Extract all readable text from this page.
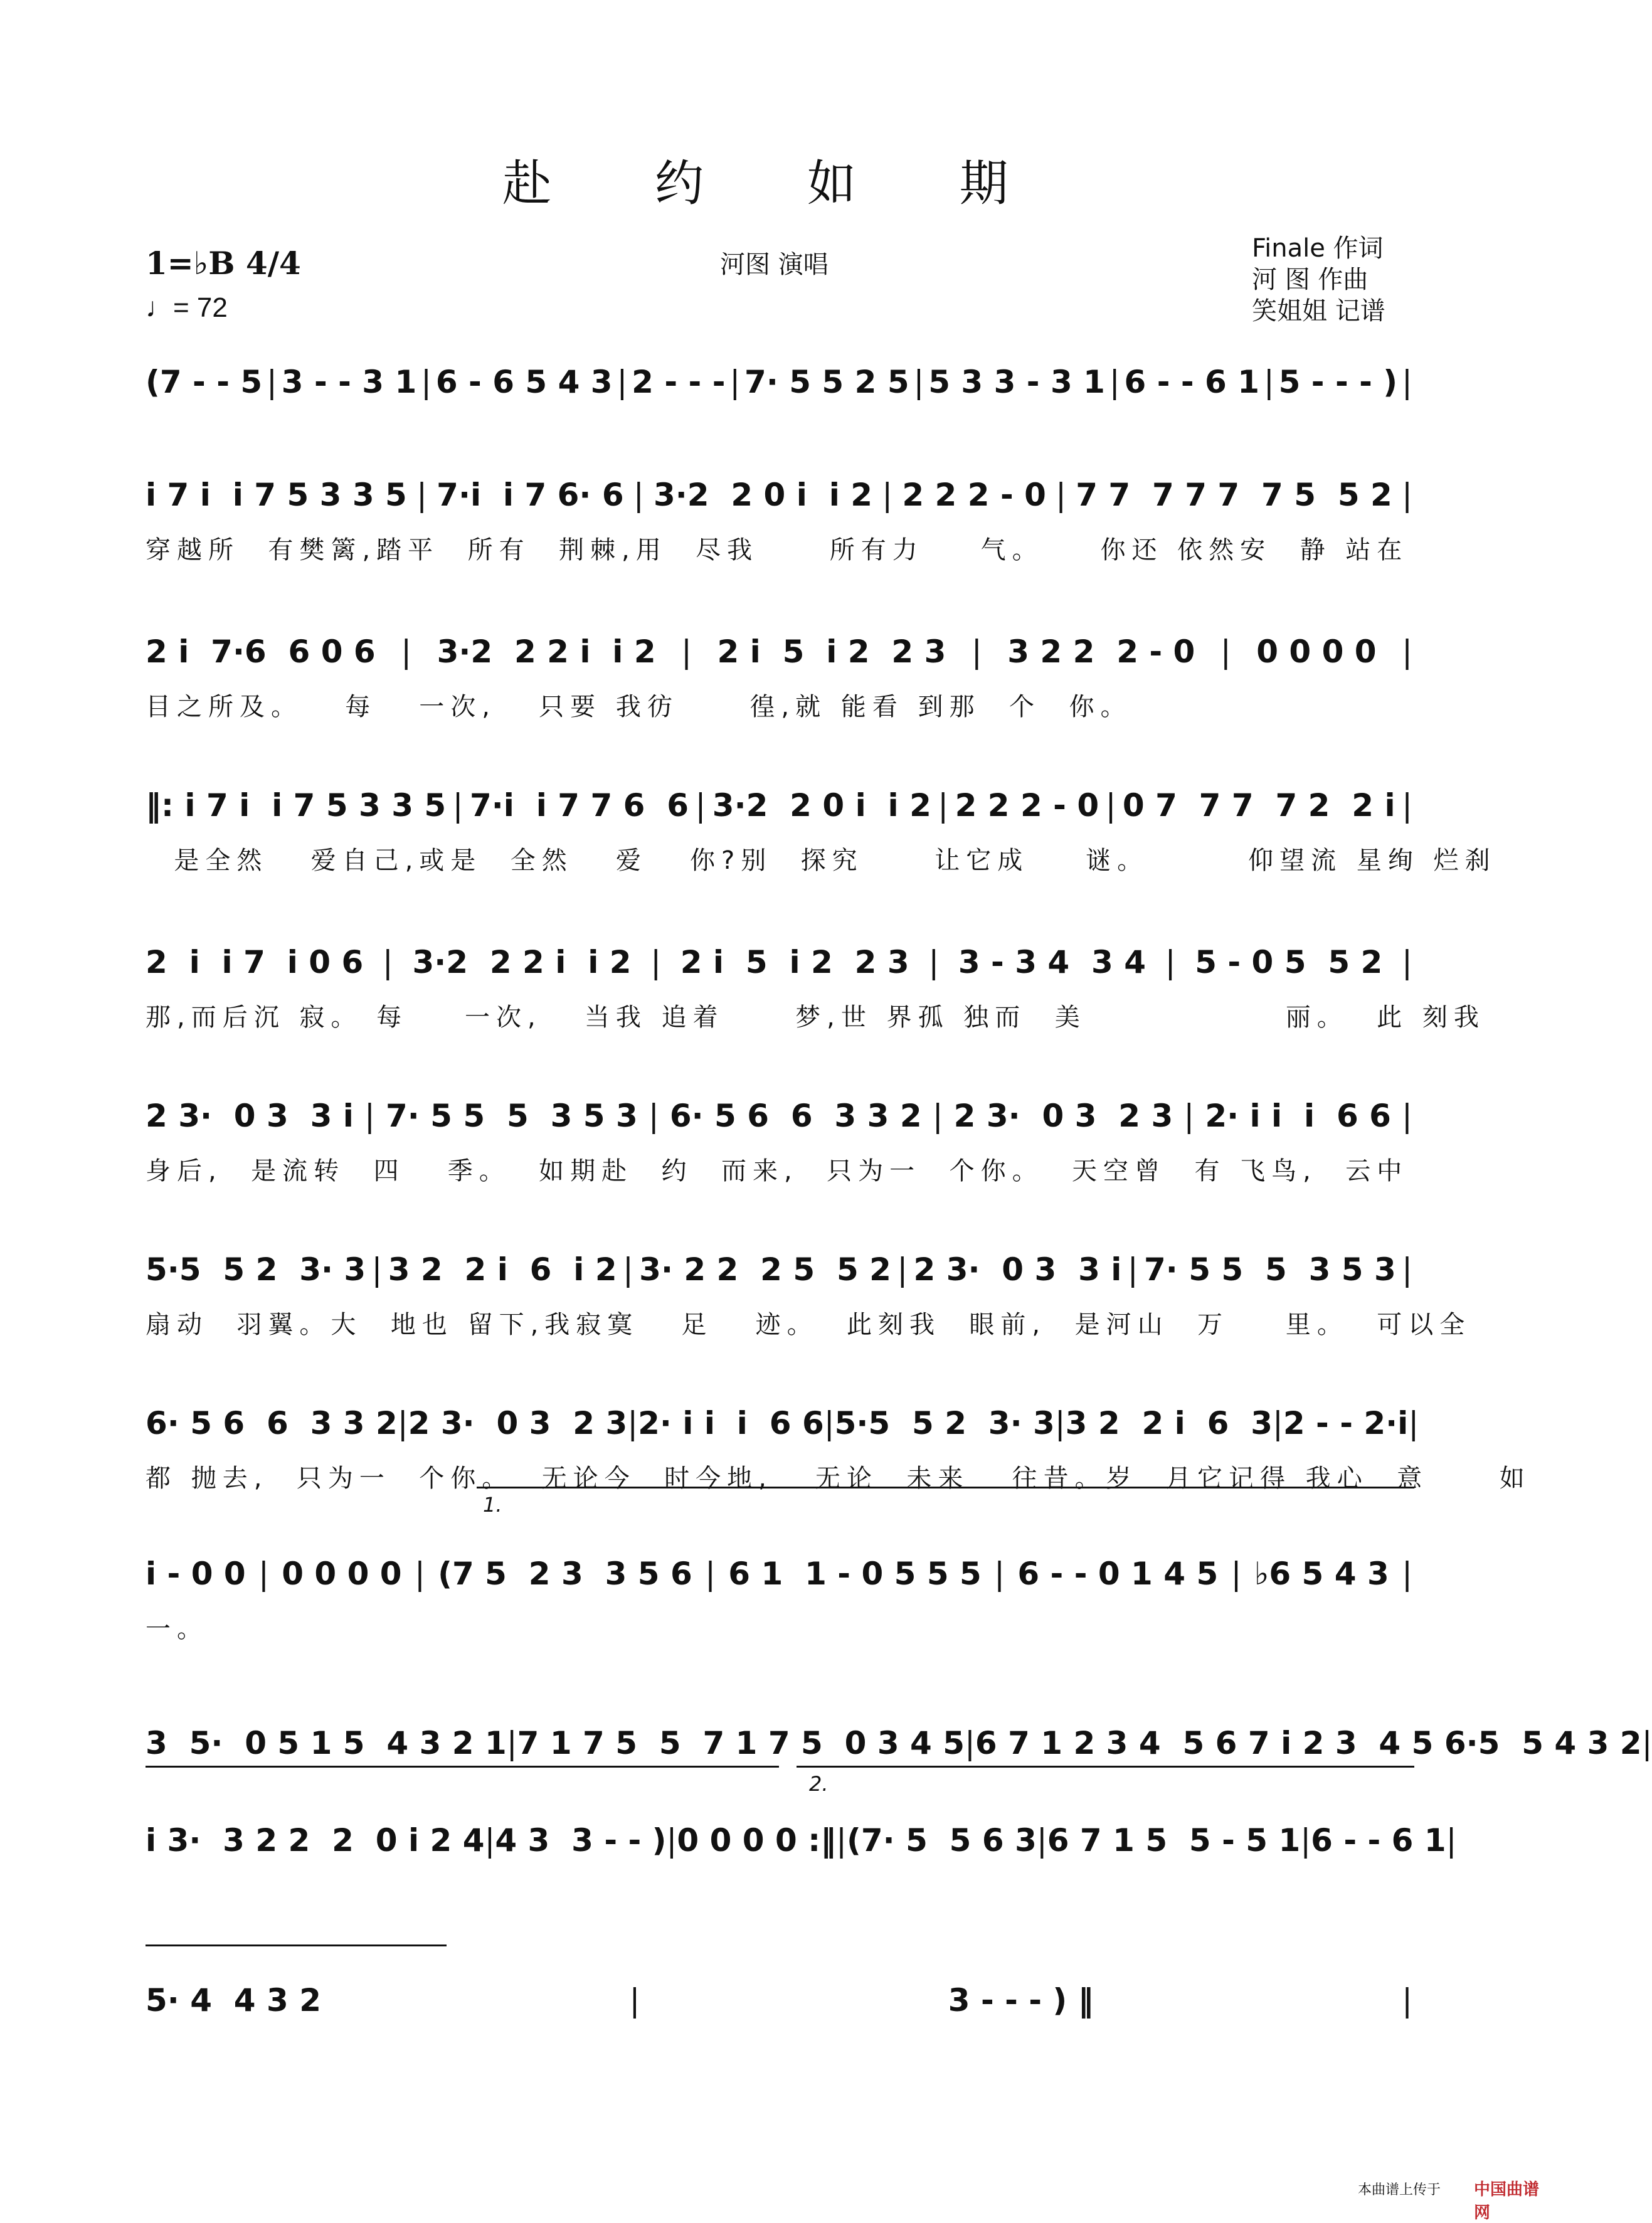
赴 约 如 期
1=♭B 4/4
♩= 72
河图 演唱
Finale 作词
河 图 作曲
笑姐姐 记谱
(7 - - 5 | 3 - - 3 1 | 6 - 6 5 4 3 | 2 - - - | 7· 5 5 2 5 | 5 3 3 - 3 1 | 6 - - 6 1 | 5 - - - ) |
i 7 i  i 7 5 3 3 5 | 7·i  i 7 6· 6 | 3·2  2 0 i  i 2 | 2 2 2 - 0 | 7 7  7 7 7  7 5  5 2 |
穿越所  有樊篱,踏平  所有  荆棘,用  尽我     所有力    气。    你还 依然安  静 站在
2 i  7·6  6 0 6 | 3·2  2 2 i  i 2 | 2 i  5  i 2  2 3 | 3 2 2  2 - 0 | 0 0 0 0 |
目之所及。   每   一次,   只要 我彷     徨,就 能看 到那  个  你。
‖: i 7 i  i 7 5 3 3 5 | 7·i  i 7 7 6  6 | 3·2  2 0 i  i 2 | 2 2 2 - 0 | 0 7  7 7  7 2  2 i |
是全然   爱自己,或是  全然   爱   你?别  探究     让它成    谜。       仰望流 星绚 烂刹
2  i  i 7  i 0 6 | 3·2  2 2 i  i 2 | 2 i  5  i 2  2 3 | 3 - 3 4  3 4 | 5 - 0 5  5 2 |
那,而后沉 寂。 每    一次,   当我 追着     梦,世 界孤 独而  美              丽。  此 刻我
2 3·  0 3  3 i | 7· 5 5  5  3 5 3 | 6· 5 6  6  3 3 2 | 2 3·  0 3  2 3 | 2· i i  i  6 6 |
身后,  是流转  四   季。  如期赴  约  而来,  只为一  个你。  天空曾  有 飞鸟,  云中
5·5  5 2  3· 3 | 3 2  2 i  6  i 2 | 3· 2 2  2 5  5 2 | 2 3·  0 3  3 i | 7· 5 5  5  3 5 3 |
扇动  羽翼。大  地也 留下,我寂寞   足   迹。  此刻我  眼前,  是河山  万    里。  可以全
6· 5 6  6  3 3 2 | 2 3·  0 3  2 3 | 2· i i  i  6 6 | 5·5  5 2  3· 3 | 3 2  2 i  6  3 | 2 - - 2·i |
都 抛去,  只为一  个你。  无论今  时今地,   无论  未来   往昔。岁  月它记得 我心  意     如
i - 0 0 | 0 0 0 0 | (7 5  2 3  3 5 6 | 6 1  1 - 0 5 5 5 | 6 - - 0 1 4 5 | ♭6 5 4 3 |
一。
3  5·  0 5 1 5  4 3 2 1 | 7 1 7 5  5  7 1 7 5  0 3 4 5 | 6 7 1 2 3 4  5 6 7 i 2 3  4 5 6·5  5 4 3 2 |
i 3·  3 2 2  2  0 i 2 4 | 4 3  3 - - ) | 0 0 0 0 :‖ | (7· 5  5 6 3 | 6 7 1 5  5 - 5 1 | 6 - - 6 1 |
5· 4  4 3 2	|	3 - - - ) ‖	|
1.
2.
本曲谱上传于 中国曲谱网
